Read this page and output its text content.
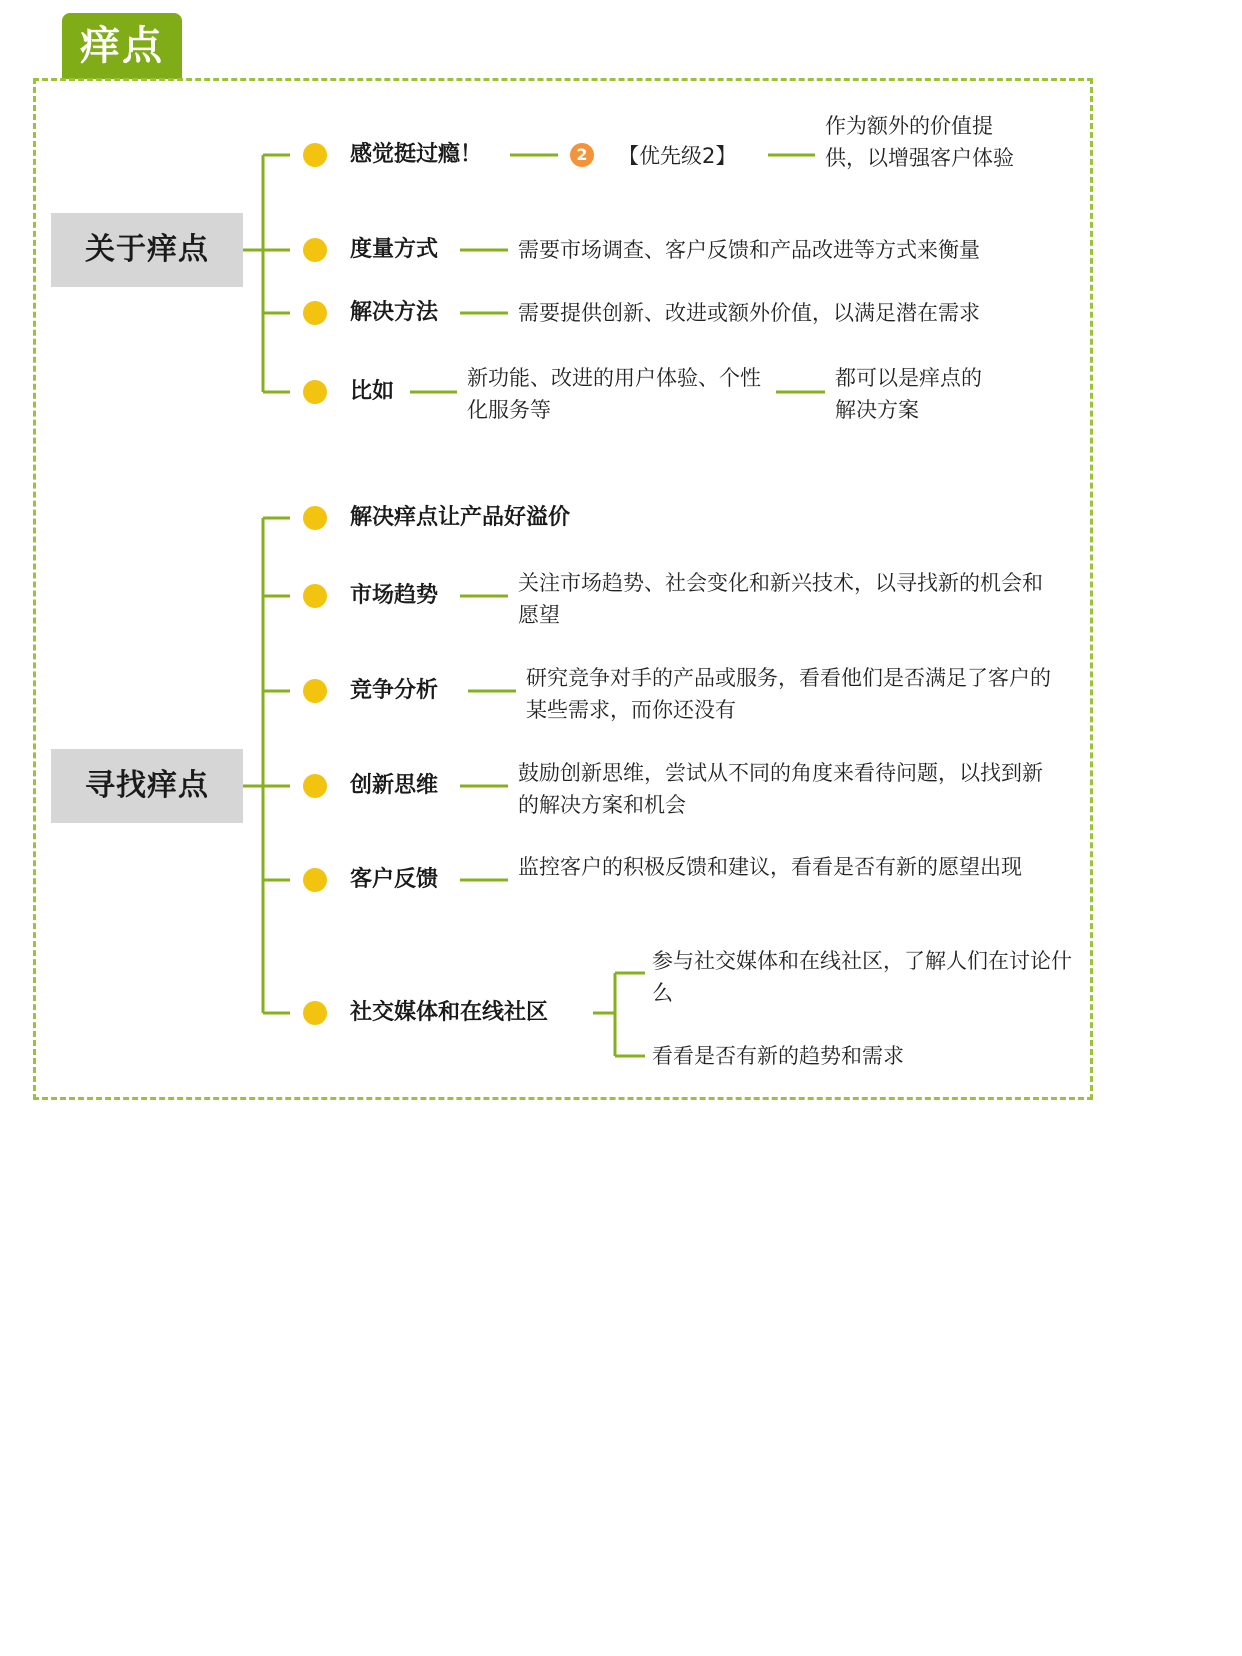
痒点
关于痒点
感觉挺过瘾！	2	【优先级2】
作为额外的价值提供，以增强客户体验
度量方式	需要市场调查、客户反馈和产品改进等方式来衡量
解决方法	需要提供创新、改进或额外价值，以满足潜在需求
比如
新功能、改进的用户体验、个性化服务等
都可以是痒点的解决方案
寻找痒点
解决痒点让产品好溢价
市场趋势	关注市场趋势、社会变化和新兴技术，以寻找新的机会和愿望
竞争分析	研究竞争对手的产品或服务，看看他们是否满足了客户的某些需求，而你还没有
创新思维	鼓励创新思维，尝试从不同的角度来看待问题，以找到新的解决方案和机会
客户反馈	监控客户的积极反馈和建议，看看是否有新的愿望出现
社交媒体和在线社区
参与社交媒体和在线社区，了解人们在讨论什么
看看是否有新的趋势和需求
